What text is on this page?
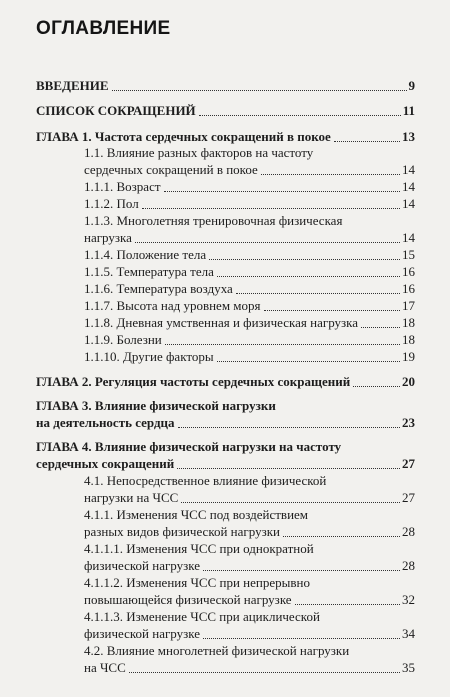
ОГЛАВЛЕНИЕ
ВВЕДЕНИЕ	9
СПИСОК СОКРАЩЕНИЙ	11
ГЛАВА 1. Частота сердечных сокращений в покое	13
1.1. Влияние разных факторов на частоту
сердечных сокращений в покое	14
1.1.1. Возраст	14
1.1.2. Пол	14
1.1.3. Многолетняя тренировочная физическая
нагрузка	14
1.1.4. Положение тела	15
1.1.5. Температура тела	16
1.1.6. Температура воздуха	16
1.1.7. Высота над уровнем моря	17
1.1.8. Дневная умственная и физическая нагрузка	18
1.1.9. Болезни	18
1.1.10. Другие факторы	19
ГЛАВА 2. Регуляция частоты сердечных сокращений	20
ГЛАВА 3. Влияние физической нагрузки
на деятельность сердца	23
ГЛАВА 4. Влияние физической нагрузки на частоту
сердечных сокращений	27
4.1. Непосредственное влияние физической
нагрузки на ЧСС	27
4.1.1. Изменения ЧСС под воздействием
разных видов физической нагрузки	28
4.1.1.1. Изменения ЧСС при однократной
физической нагрузке	28
4.1.1.2. Изменения ЧСС при непрерывно
повышающейся физической нагрузке	32
4.1.1.3. Изменение ЧСС при ациклической
физической нагрузке	34
4.2. Влияние многолетней физической нагрузки
на ЧСС	35
